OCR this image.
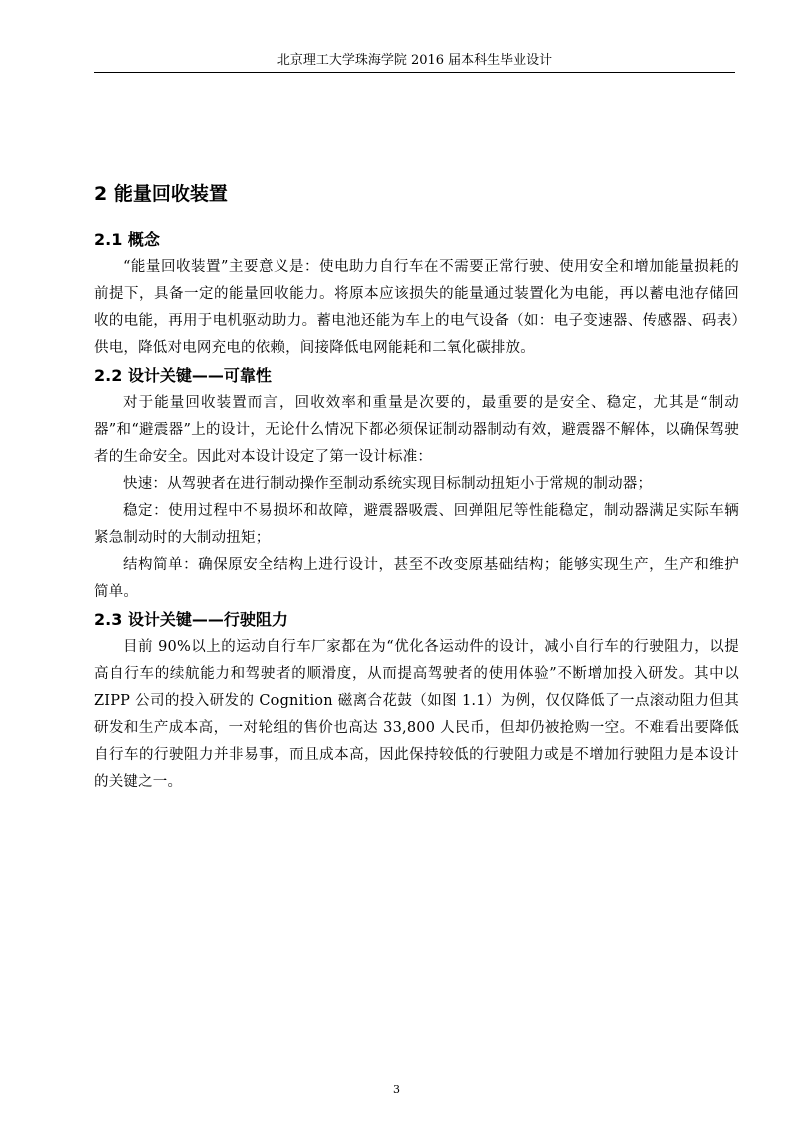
北京理工大学珠海学院 2016 届本科生毕业设计
2 能量回收装置
2.1 概念

“能量回收装置”主要意义是：使电助力自行车在不需要正常行驶、使用安全和增加能量损耗的前提下，具备一定的能量回收能力。将原本应该损失的能量通过装置化为电能，再以蓄电池存储回收的电能，再用于电机驱动助力。蓄电池还能为车上的电气设备（如：电子变速器、传感器、码表）供电，降低对电网充电的依赖，间接降低电网能耗和二氧化碳排放。

2.2 设计关键——可靠性

对于能量回收装置而言，回收效率和重量是次要的，最重要的是安全、稳定，尤其是“制动器”和“避震器”上的设计，无论什么情况下都必须保证制动器制动有效，避震器不解体，以确保驾驶者的生命安全。因此对本设计设定了第一设计标准：

快速：从驾驶者在进行制动操作至制动系统实现目标制动扭矩小于常规的制动器；

稳定：使用过程中不易损坏和故障，避震器吸震、回弹阻尼等性能稳定，制动器满足实际车辆紧急制动时的大制动扭矩；

结构简单：确保原安全结构上进行设计，甚至不改变原基础结构；能够实现生产，生产和维护简单。

2.3 设计关键——行驶阻力

目前 90%以上的运动自行车厂家都在为“优化各运动件的设计，减小自行车的行驶阻力，以提高自行车的续航能力和驾驶者的顺滑度，从而提高驾驶者的使用体验”不断增加投入研发。其中以 ZIPP 公司的投入研发的 Cognition 磁离合花鼓（如图 1.1）为例，仅仅降低了一点滚动阻力但其研发和生产成本高，一对轮组的售价也高达 33,800 人民币，但却仍被抢购一空。不难看出要降低自行车的行驶阻力并非易事，而且成本高，因此保持较低的行驶阻力或是不增加行驶阻力是本设计的关键之一。

3
